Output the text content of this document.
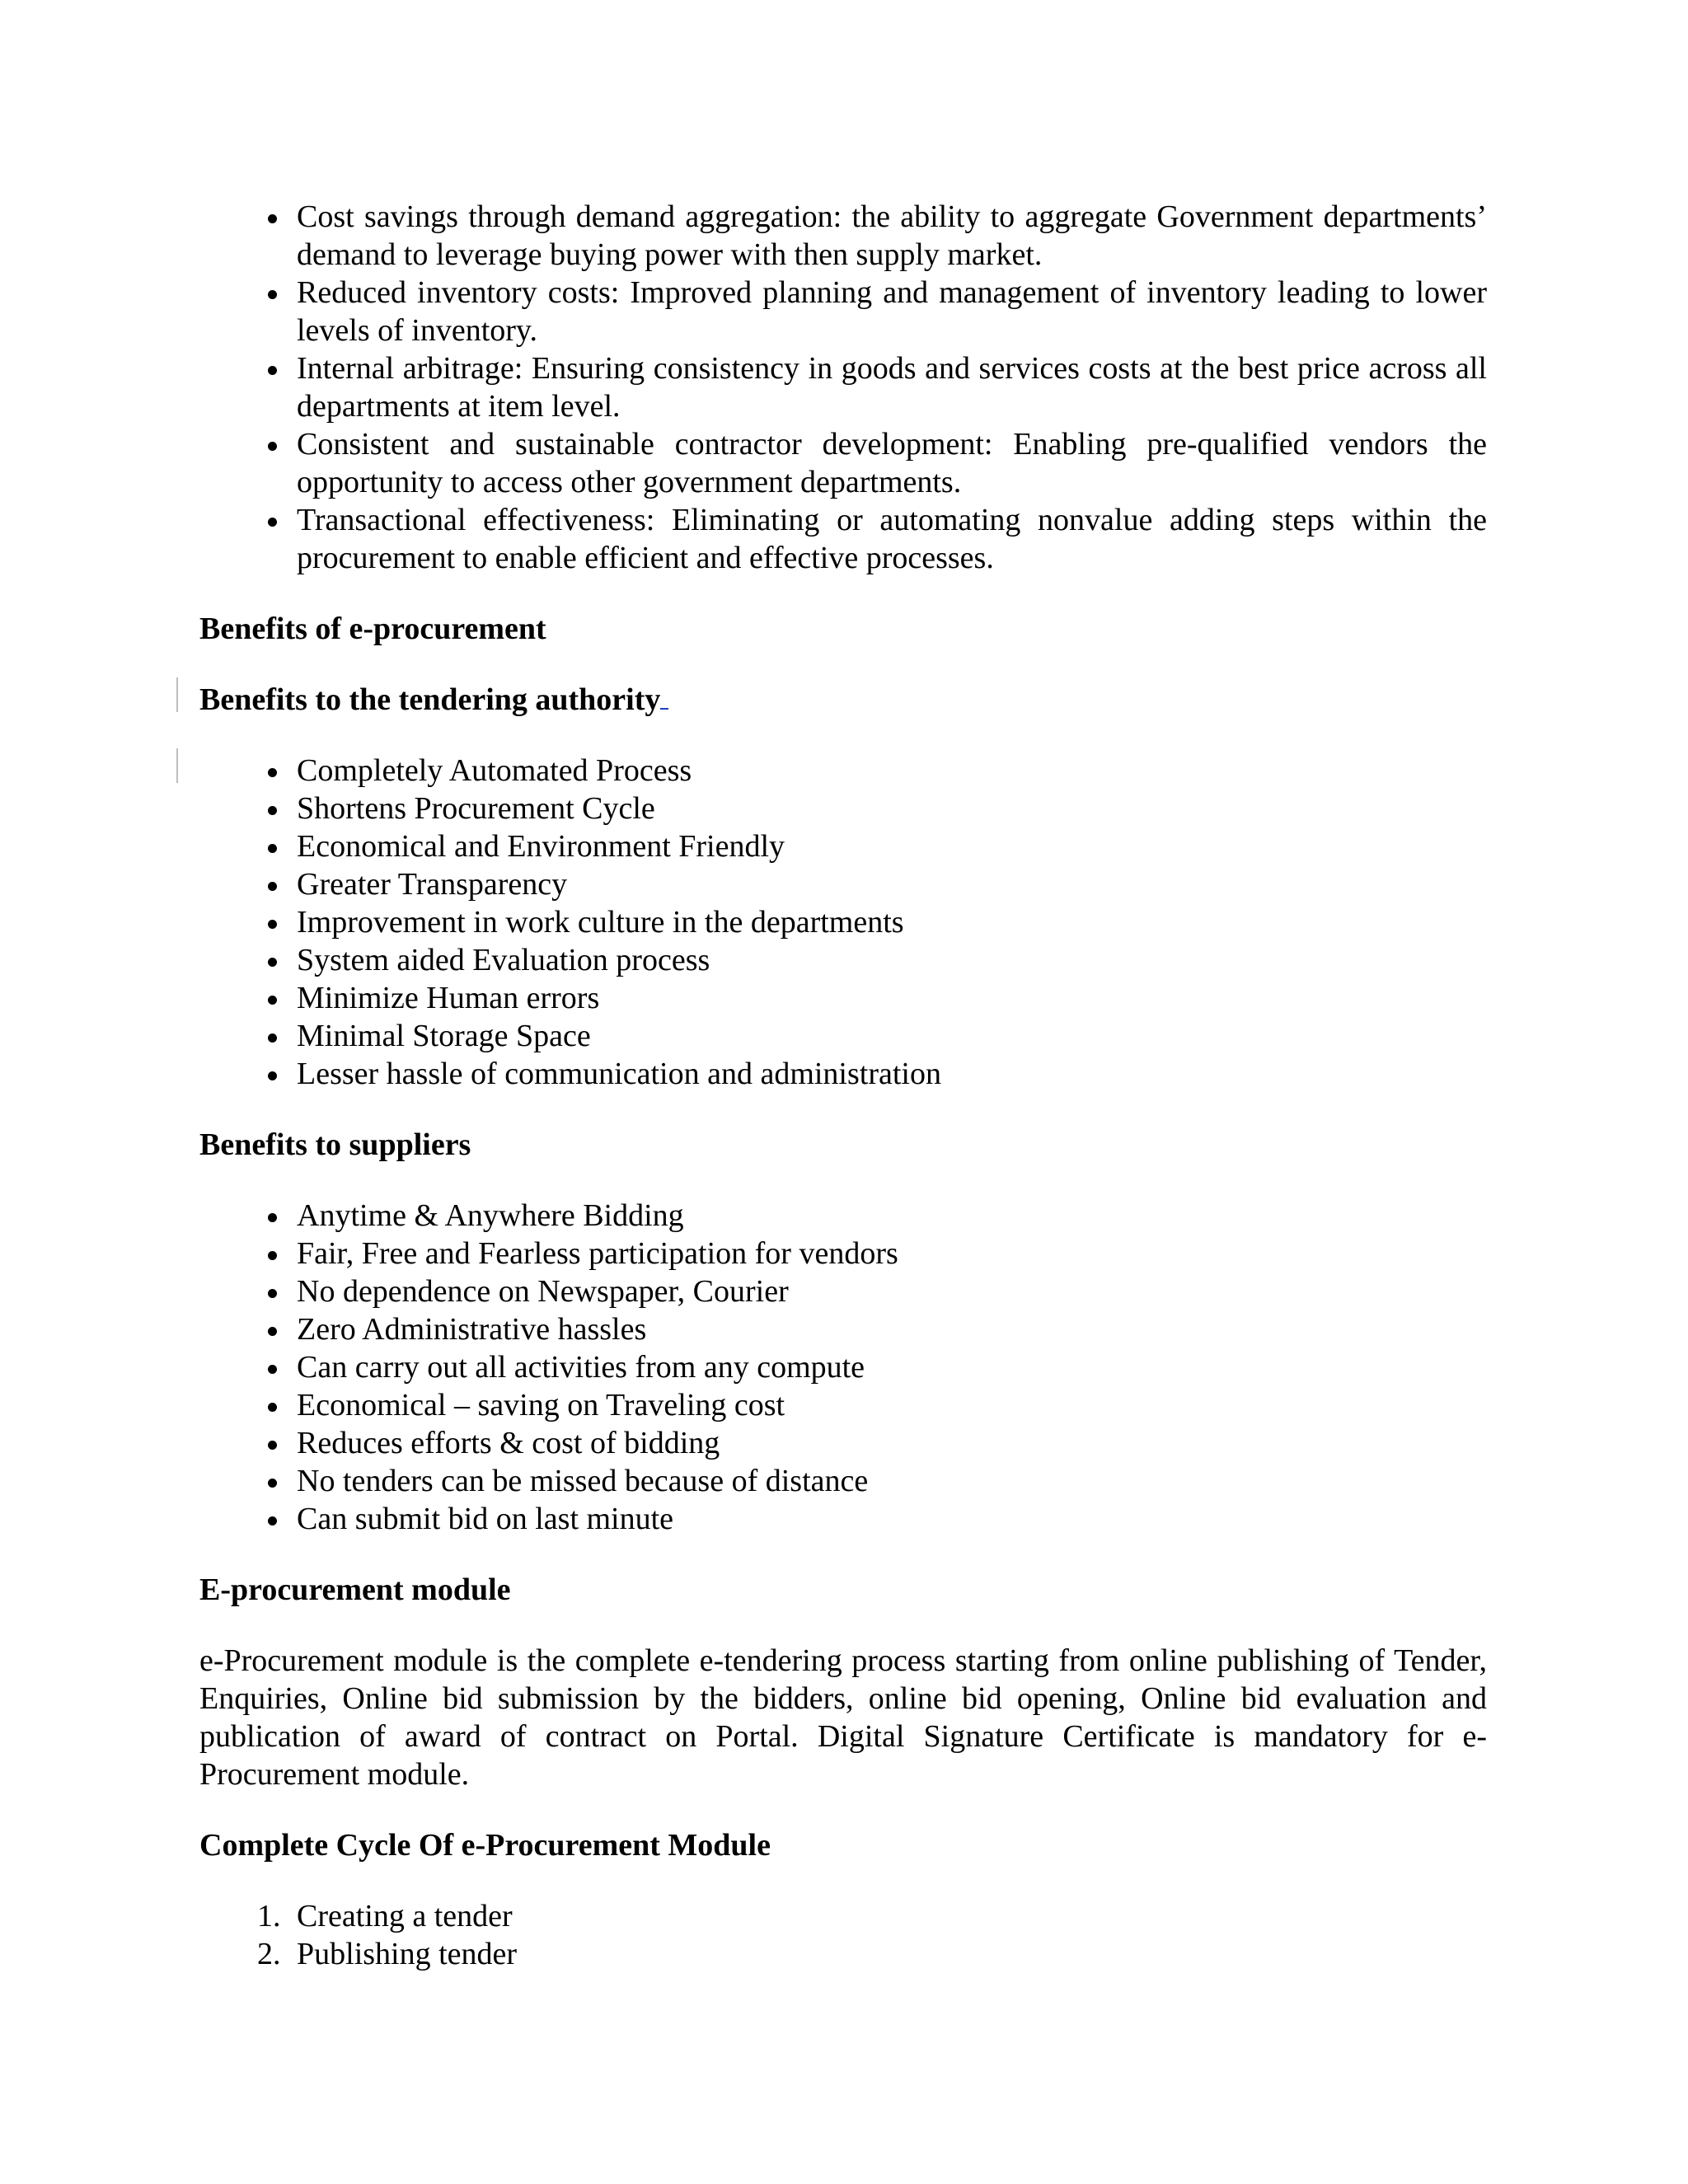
Cost savings through demand aggregation: the ability to aggregate Government departments’ demand to leverage buying power with then supply market.
Reduced inventory costs: Improved planning and management of inventory leading to lower levels of inventory.
Internal arbitrage: Ensuring consistency in goods and services costs at the best price across all departments at item level.
Consistent and sustainable contractor development: Enabling pre-qualified vendors the opportunity to access other government departments.
Transactional effectiveness: Eliminating or automating nonvalue adding steps within the procurement to enable efficient and effective processes.

Benefits of e-procurement

Benefits to the tendering authority

Completely Automated Process
Shortens Procurement Cycle
Economical and Environment Friendly
Greater Transparency
Improvement in work culture in the departments
System aided Evaluation process
Minimize Human errors
Minimal Storage Space
Lesser hassle of communication and administration

Benefits to suppliers

Anytime & Anywhere Bidding
Fair, Free and Fearless participation for vendors
No dependence on Newspaper, Courier
Zero Administrative hassles
Can carry out all activities from any compute
Economical – saving on Traveling cost
Reduces efforts & cost of bidding
No tenders can be missed because of distance
Can submit bid on last minute

E-procurement module

e-Procurement module is the complete e-tendering process starting from online publishing of Tender, Enquiries, Online bid submission by the bidders, online bid opening, Online bid evaluation and publication of award of contract on Portal. Digital Signature Certificate is mandatory for e-Procurement module.

Complete Cycle Of e-Procurement Module

1. Creating a tender
2. Publishing tender
